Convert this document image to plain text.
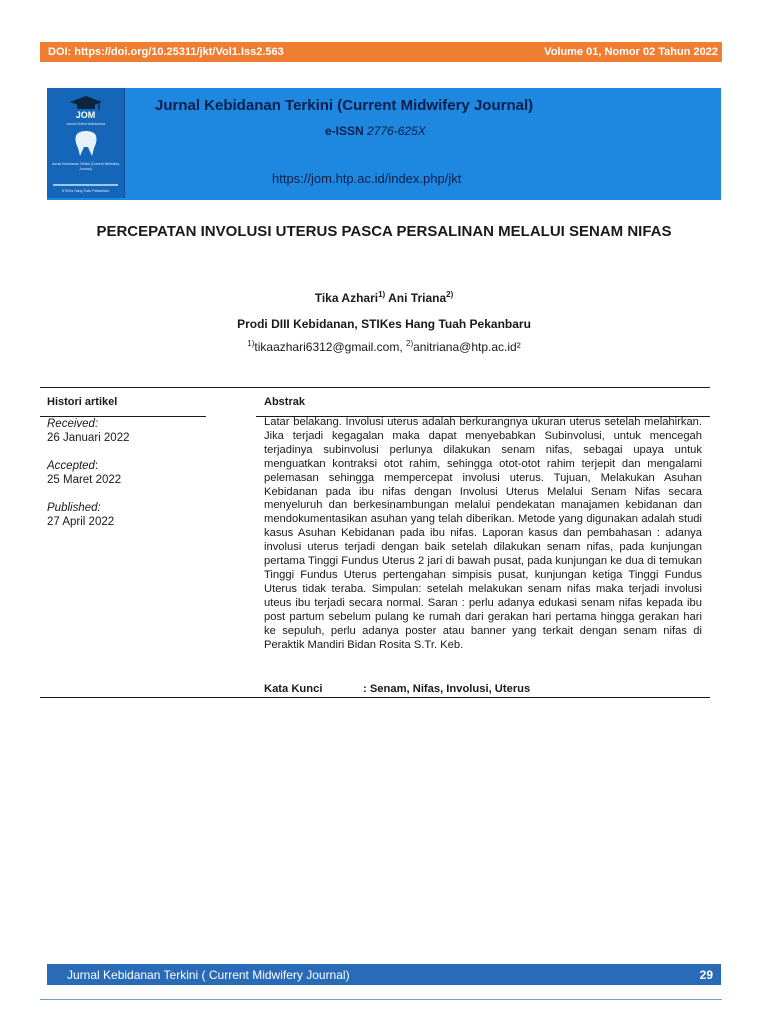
DOI: https://doi.org/10.25311/jkt/Vol1.Iss2.563	Volume 01, Nomor 02 Tahun 2022
JOM
Jurnal Online Mahasiswa
Jurnal Kebidanan Terkini (Current Midwifery Journal)
STIKes Hang Tuah Pekanbaru
Jurnal Kebidanan Terkini (Current Midwifery Journal)
e-ISSN 2776-625X
https://jom.htp.ac.id/index.php/jkt
PERCEPATAN INVOLUSI UTERUS PASCA PERSALINAN MELALUI SENAM NIFAS
Tika Azhari$^{1)}$ Ani Triana$^{2)}$
Prodi DIII Kebidanan, STIKes Hang Tuah Pekanbaru
$^{1)}$tikaazhari6312@gmail.com, $^{2)}$anitriana@htp.ac.id²
Histori artikel	Abstrak
Received:
26 Januari 2022
Accepted:
25 Maret 2022
Published:
27 April 2022

Latar belakang. Involusi uterus adalah berkurangnya ukuran uterus setelah melahirkan. Jika terjadi kegagalan maka dapat menyebabkan Subinvolusi, untuk mencegah terjadinya subinvolusi perlunya dilakukan senam nifas, sebagai upaya untuk menguatkan kontraksi otot rahim, sehingga otot-otot rahim terjepit dan mengalami pelemasan sehingga mempercepat involusi uterus. Tujuan, Melakukan Asuhan Kebidanan pada ibu nifas dengan Involusi Uterus Melalui Senam Nifas secara menyeluruh dan berkesinambungan melalui pendekatan manajamen kebidanan dan mendokumentasikan asuhan yang telah diberikan. Metode yang digunakan adalah studi kasus Asuhan Kebidanan pada ibu nifas. Laporan kasus dan pembahasan : adanya involusi uterus terjadi dengan baik setelah dilakukan senam nifas, pada kunjungan pertama Tinggi Fundus Uterus 2 jari di bawah pusat, pada kunjungan ke dua di temukan Tinggi Fundus Uterus pertengahan simpisis pusat, kunjungan ketiga Tinggi Fundus Uterus tidak teraba. Simpulan: setelah melakukan senam nifas maka terjadi involusi uteus ibu terjadi secara normal. Saran : perlu adanya edukasi senam nifas kepada ibu post partum sebelum pulang ke rumah dari gerakan hari pertama hingga gerakan hari ke sepuluh, perlu adanya poster atau banner yang terkait dengan senam nifas di Peraktik Mandiri Bidan Rosita S.Tr. Keb.

Kata Kunci	: Senam, Nifas, Involusi, Uterus
Jurnal Kebidanan Terkini ( Current Midwifery Journal)	29
